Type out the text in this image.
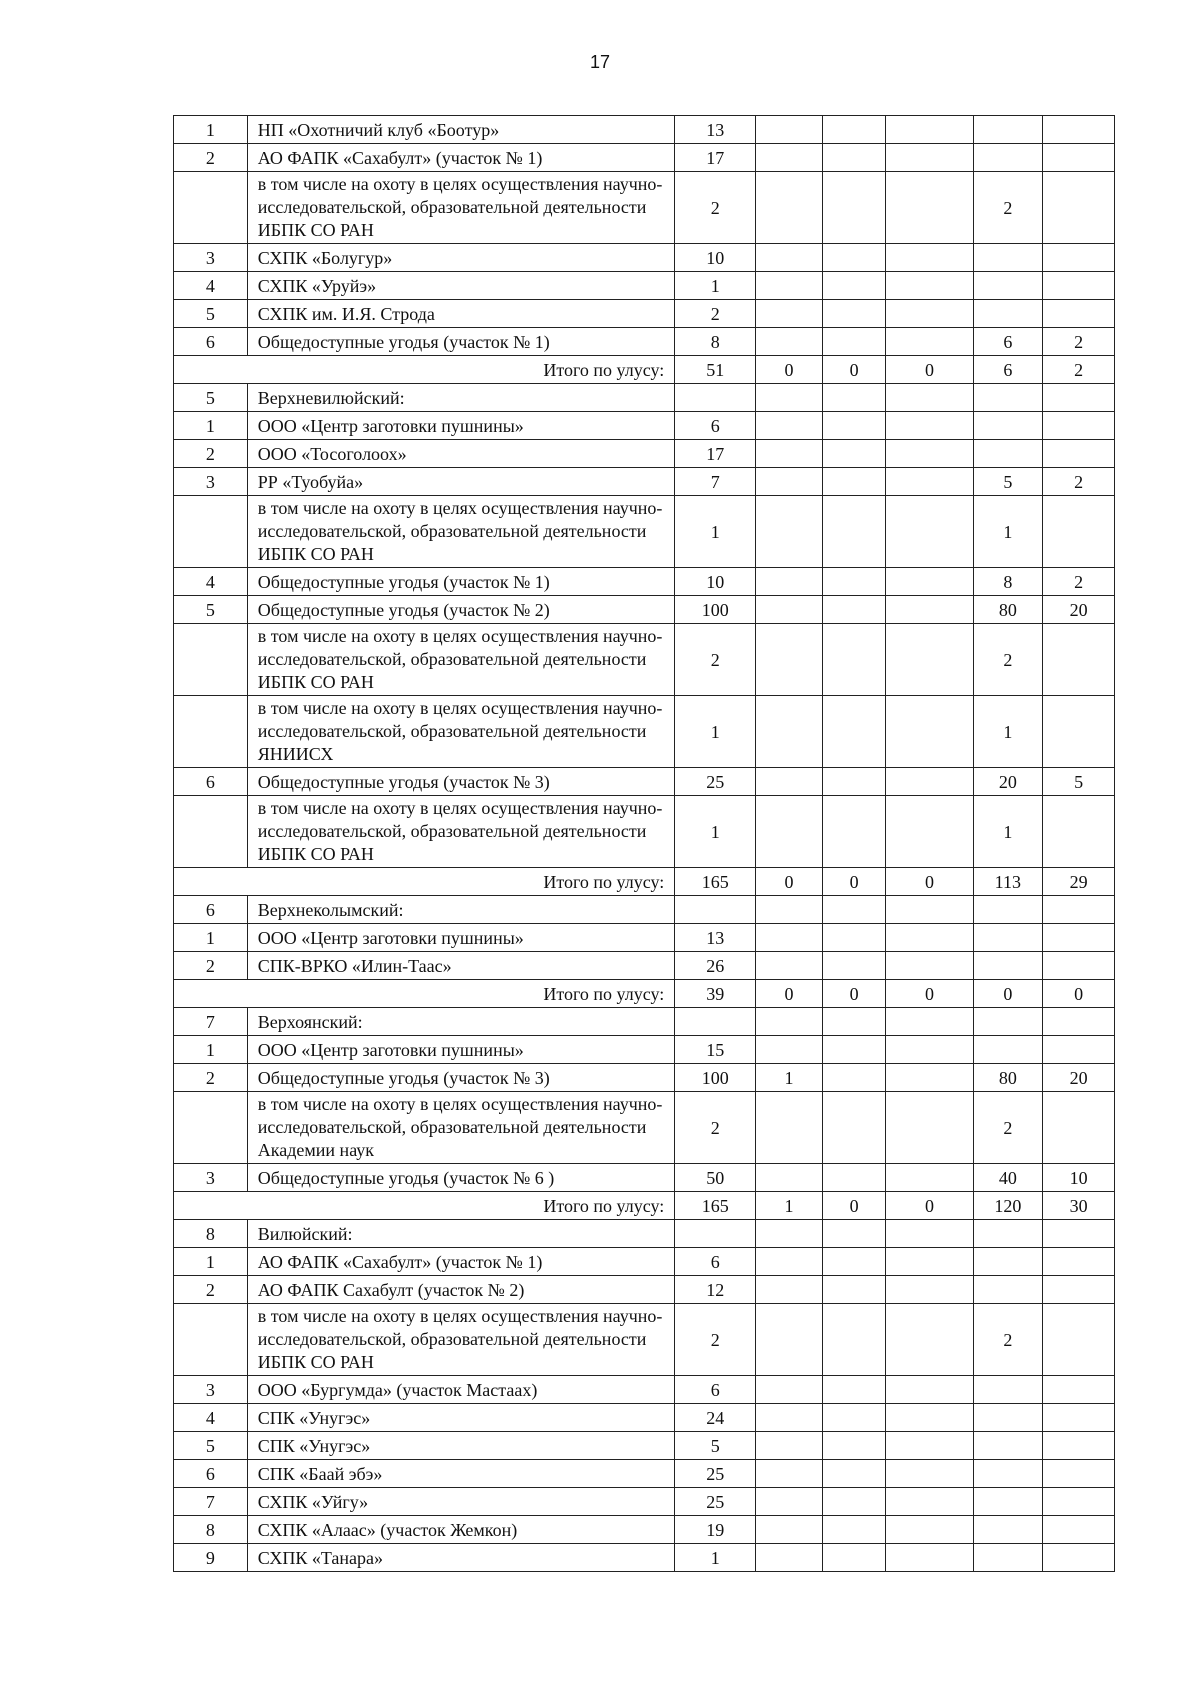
17
1	НП «Охотничий клуб «Боотур»	13					
2	АО ФАПК «Сахабулт» (участок № 1)	17					
	в том числе на охоту в целях осуществления научно-исследовательской, образовательной деятельности ИБПК СО РАН	2				2	
3	СХПК «Болугур»	10					
4	СХПК «Уруйэ»	1					
5	СХПК им. И.Я. Строда	2					
6	Общедоступные угодья (участок № 1)	8				6	2
Итого по улусу:		51	0	0	0	6	2
5	Верхневилюйский:						
1	ООО «Центр заготовки пушнины»	6					
2	ООО «Тосоголоох»	17					
3	РР «Туобуйа»	7				5	2
	в том числе на охоту в целях осуществления научно-исследовательской, образовательной деятельности ИБПК СО РАН	1				1	
4	Общедоступные угодья (участок № 1)	10				8	2
5	Общедоступные угодья (участок № 2)	100				80	20
	в том числе на охоту в целях осуществления научно-исследовательской, образовательной деятельности ИБПК СО РАН	2				2	
	в том числе на охоту в целях осуществления научно-исследовательской, образовательной деятельности ЯНИИСХ	1				1	
6	Общедоступные угодья (участок № 3)	25				20	5
	в том числе на охоту в целях осуществления научно-исследовательской, образовательной деятельности ИБПК СО РАН	1				1	
Итого по улусу:		165	0	0	0	113	29
6	Верхнеколымский:						
1	ООО «Центр заготовки пушнины»	13					
2	СПК-ВРКО «Илин-Таас»	26					
Итого по улусу:		39	0	0	0	0	0
7	Верхоянский:						
1	ООО «Центр заготовки пушнины»	15					
2	Общедоступные угодья (участок № 3)	100	1			80	20
	в том числе на охоту в целях осуществления научно-исследовательской, образовательной деятельности Академии наук	2				2	
3	Общедоступные угодья (участок № 6 )	50				40	10
Итого по улусу:		165	1	0	0	120	30
8	Вилюйский:						
1	АО ФАПК «Сахабулт» (участок № 1)	6					
2	АО ФАПК Сахабулт (участок № 2)	12					
	в том числе на охоту в целях осуществления научно-исследовательской, образовательной деятельности ИБПК СО РАН	2				2	
3	ООО «Бургумда» (участок Мастаах)	6					
4	СПК «Унугэс»	24					
5	СПК «Унугэс»	5					
6	СПК «Баай эбэ»	25					
7	СХПК «Уйгу»	25					
8	СХПК «Алаас» (участок Жемкон)	19					
9	СХПК «Танара»	1					
